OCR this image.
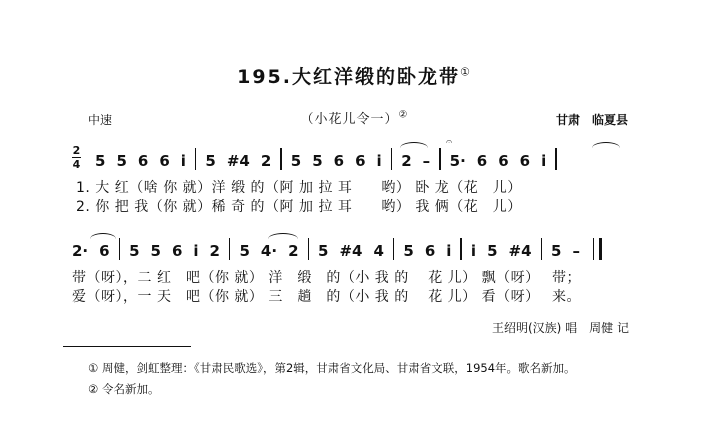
195.大红洋缎的卧龙带①
中速	（小花儿令一）②	甘肃　临夏县
2
4 5 5 6 6 i 5 #4 2 5 5 6 6 i 2 – 5· 6 6 6 i
𝄐
1. 大 红（啥 你 就）洋 缎 的（阿 加 拉 耳　　哟） 卧 龙（花　儿）
2. 你 把 我（你 就）稀 奇 的（阿 加 拉 耳　　哟） 我 俩（花　儿）
2· 6 5 5 6 i 2 5 4· 2 5 #4 4 5 6 i i 5 #4 5 –
带（呀），二 红　吧（你 就） 洋　缎　的（小 我 的　 花 儿） 飘（呀）　 带；
爱（呀），一 天　吧（你 就） 三　趟　的（小 我 的　 花 儿） 看（呀）　 来。
王绍明(汉族) 唱　周健 记
① 周健，剑虹整理：《甘肃民歌选》，第2辑，甘肃省文化局、甘肃省文联，1954年。歌名新加。
② 令名新加。
